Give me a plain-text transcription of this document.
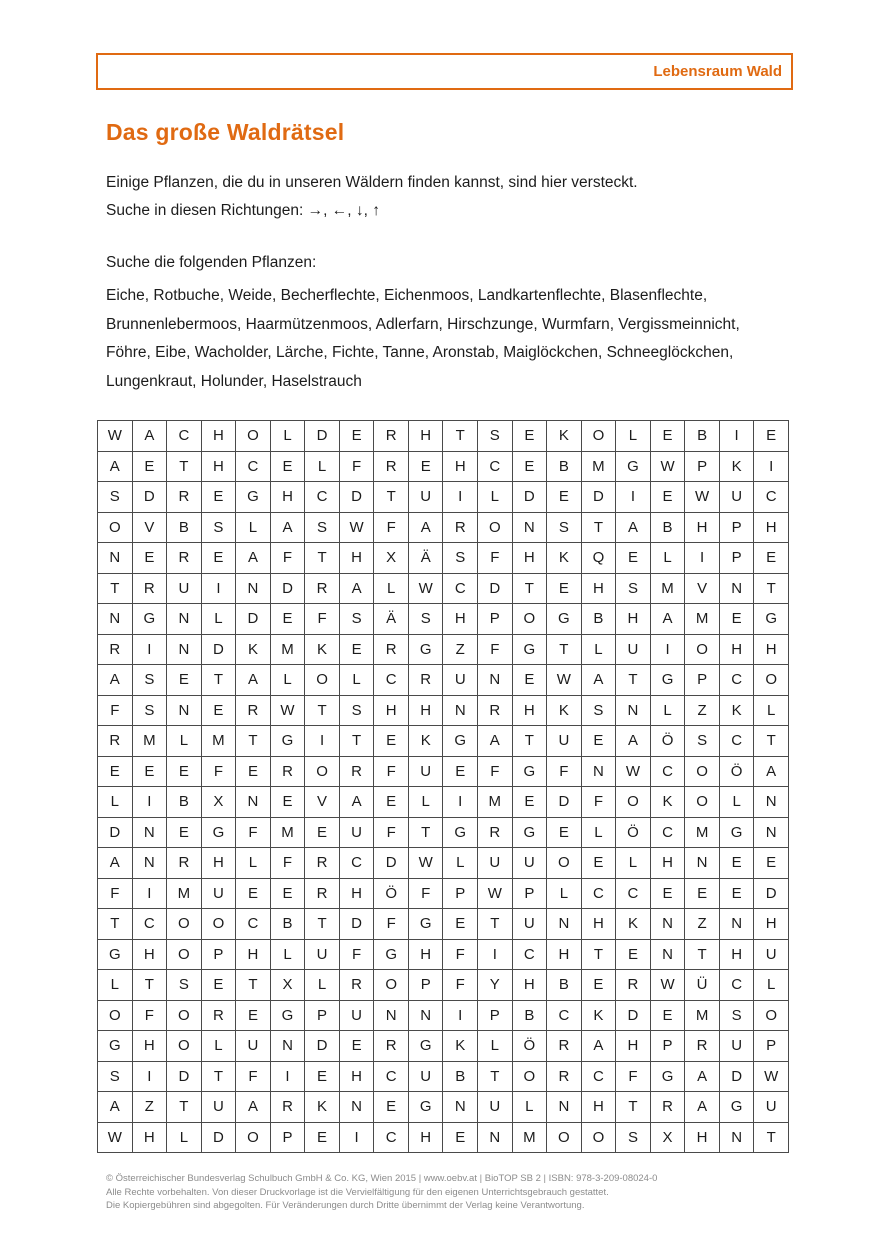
Lebensraum Wald
Das große Waldrätsel
Einige Pflanzen, die du in unseren Wäldern finden kannst, sind hier versteckt.
Suche in diesen Richtungen: →, ←, ↓, ↑
Suche die folgenden Pflanzen:
Eiche, Rotbuche, Weide, Becherflechte, Eichenmoos, Landkartenflechte, Blasenflechte,
Brunnenlebermoos, Haarmützenmoos, Adlerfarn, Hirschzunge, Wurmfarn, Vergissmeinnicht,
Föhre, Eibe, Wacholder, Lärche, Fichte, Tanne, Aronstab, Maiglöckchen, Schneeglöckchen,
Lungenkraut, Holunder, Haselstrauch
W	A	C	H	O	L	D	E	R	H	T	S	E	K	O	L	E	B	I	E
A	E	T	H	C	E	L	F	R	E	H	C	E	B	M	G	W	P	K	I
S	D	R	E	G	H	C	D	T	U	I	L	D	E	D	I	E	W	U	C
O	V	B	S	L	A	S	W	F	A	R	O	N	S	T	A	B	H	P	H
N	E	R	E	A	F	T	H	X	Ä	S	F	H	K	Q	E	L	I	P	E
T	R	U	I	N	D	R	A	L	W	C	D	T	E	H	S	M	V	N	T
N	G	N	L	D	E	F	S	Ä	S	H	P	O	G	B	H	A	M	E	G
R	I	N	D	K	M	K	E	R	G	Z	F	G	T	L	U	I	O	H	H
A	S	E	T	A	L	O	L	C	R	U	N	E	W	A	T	G	P	C	O
F	S	N	E	R	W	T	S	H	H	N	R	H	K	S	N	L	Z	K	L
R	M	L	M	T	G	I	T	E	K	G	A	T	U	E	A	Ö	S	C	T
E	E	E	F	E	R	O	R	F	U	E	F	G	F	N	W	C	O	Ö	A
L	I	B	X	N	E	V	A	E	L	I	M	E	D	F	O	K	O	L	N
D	N	E	G	F	M	E	U	F	T	G	R	G	E	L	Ö	C	M	G	N
A	N	R	H	L	F	R	C	D	W	L	U	U	O	E	L	H	N	E	E
F	I	M	U	E	E	R	H	Ö	F	P	W	P	L	C	C	E	E	E	D
T	C	O	O	C	B	T	D	F	G	E	T	U	N	H	K	N	Z	N	H
G	H	O	P	H	L	U	F	G	H	F	I	C	H	T	E	N	T	H	U
L	T	S	E	T	X	L	R	O	P	F	Y	H	B	E	R	W	Ü	C	L
O	F	O	R	E	G	P	U	N	N	I	P	B	C	K	D	E	M	S	O
G	H	O	L	U	N	D	E	R	G	K	L	Ö	R	A	H	P	R	U	P
S	I	D	T	F	I	E	H	C	U	B	T	O	R	C	F	G	A	D	W
A	Z	T	U	A	R	K	N	E	G	N	U	L	N	H	T	R	A	G	U
W	H	L	D	O	P	E	I	C	H	E	N	M	O	O	S	X	H	N	T
© Österreichischer Bundesverlag Schulbuch GmbH & Co. KG, Wien 2015 | www.oebv.at | BioTOP SB 2 | ISBN: 978-3-209-08024-0
Alle Rechte vorbehalten. Von dieser Druckvorlage ist die Vervielfältigung für den eigenen Unterrichtsgebrauch gestattet.
Die Kopiergebühren sind abgegolten. Für Veränderungen durch Dritte übernimmt der Verlag keine Verantwortung.
